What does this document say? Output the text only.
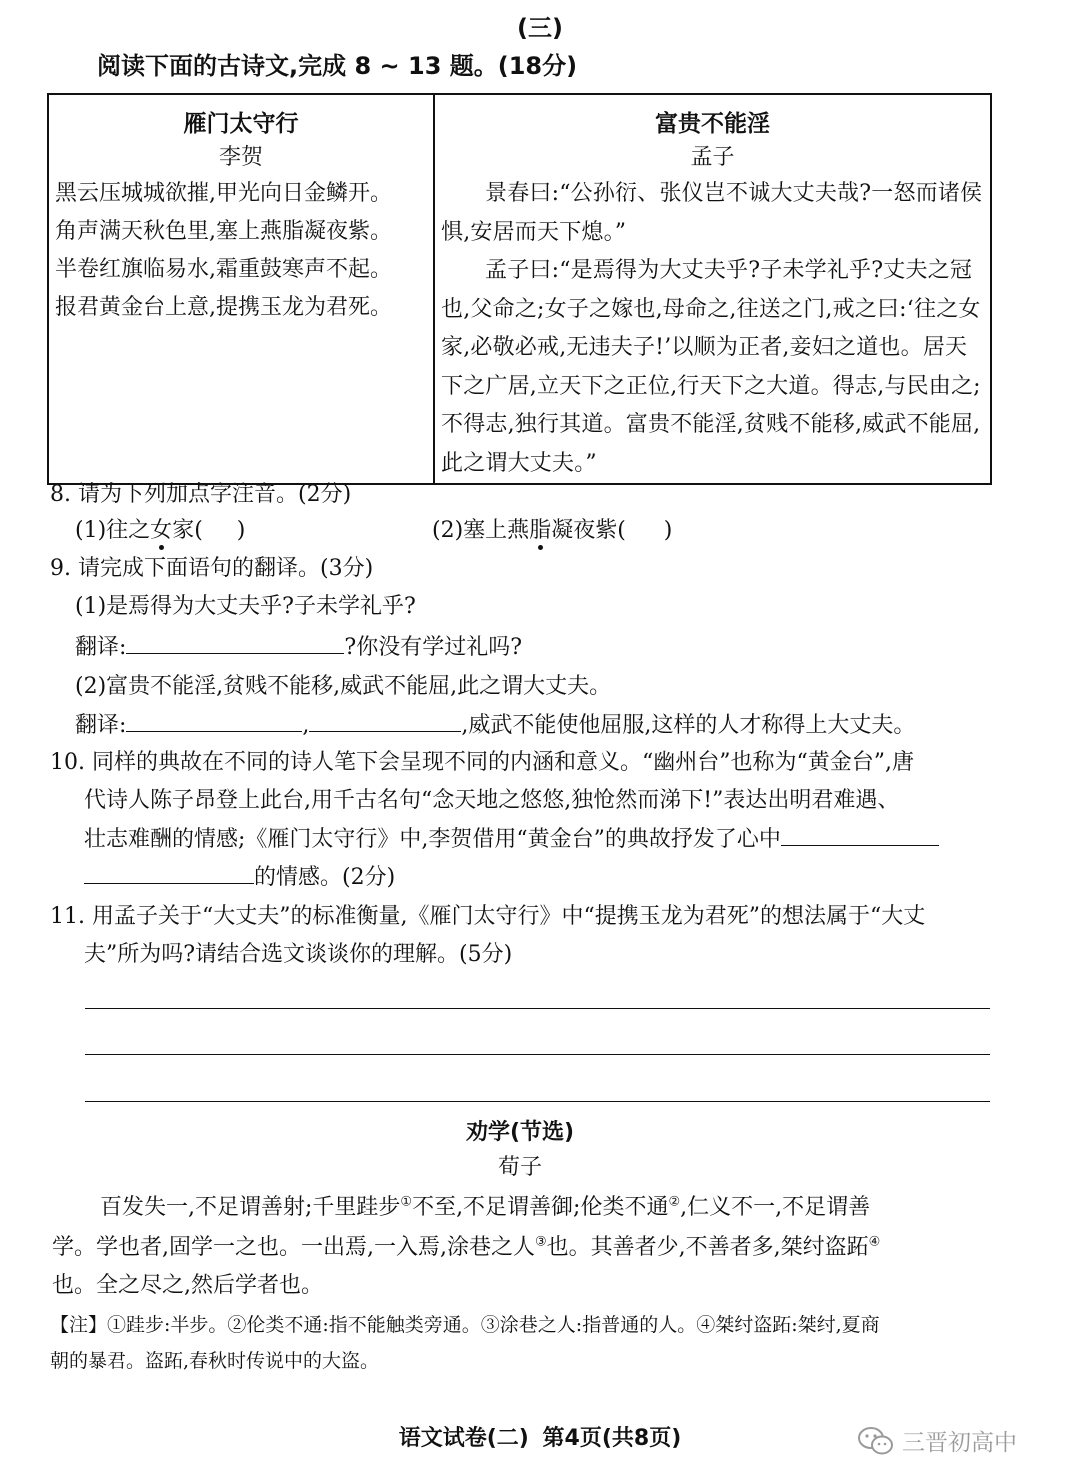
(三)
阅读下面的古诗文,完成 8 ~ 13 题。(18分)
雁门太守行
李贺
黑云压城城欲摧,甲光向日金鳞开。
角声满天秋色里,塞上燕脂凝夜紫。
半卷红旗临易水,霜重鼓寒声不起。
报君黄金台上意,提携玉龙为君死。

富贵不能淫
孟子

景春曰:“公孙衍、张仪岂不诚大丈夫哉?一怒而诸侯惧,安居而天下熄。”

孟子曰:“是焉得为大丈夫乎?子未学礼乎?丈夫之冠也,父命之;女子之嫁也,母命之,往送之门,戒之曰:‘往之女家,必敬必戒,无违夫子!’以顺为正者,妾妇之道也。居天下之广居,立天下之正位,行天下之大道。得志,与民由之;不得志,独行其道。富贵不能淫,贫贱不能移,威武不能屈,此之谓大丈夫。”

8. 请为下列加点字注音。(2分)
(1)往之女家( )	(2)塞上燕脂凝夜紫( )
9. 请完成下面语句的翻译。(3分)
(1)是焉得为大丈夫乎?子未学礼乎?
翻译:	?你没有学过礼吗?
(2)富贵不能淫,贫贱不能移,威武不能屈,此之谓大丈夫。
翻译:	,	,威武不能使他屈服,这样的人才称得上大丈夫。
10. 同样的典故在不同的诗人笔下会呈现不同的内涵和意义。“幽州台”也称为“黄金台”,唐
代诗人陈子昂登上此台,用千古名句“念天地之悠悠,独怆然而涕下!”表达出明君难遇、
壮志难酬的情感;《雁门太守行》中,李贺借用“黄金台”的典故抒发了心中
的情感。(2分)
11. 用孟子关于“大丈夫”的标准衡量,《雁门太守行》中“提携玉龙为君死”的想法属于“大丈
夫”所为吗?请结合选文谈谈你的理解。(5分)
劝学(节选)
荀子
百发失一,不足谓善射;千里跬步①不至,不足谓善御;伦类不通②,仁义不一,不足谓善
学。学也者,固学一之也。一出焉,一入焉,涂巷之人③也。其善者少,不善者多,桀纣盗跖④
也。全之尽之,然后学者也。
【注】①跬步:半步。②伦类不通:指不能触类旁通。③涂巷之人:指普通的人。④桀纣盗跖:桀纣,夏商
朝的暴君。盗跖,春秋时传说中的大盗。
语文试卷(二) 第4页(共8页)	三晋初高中
